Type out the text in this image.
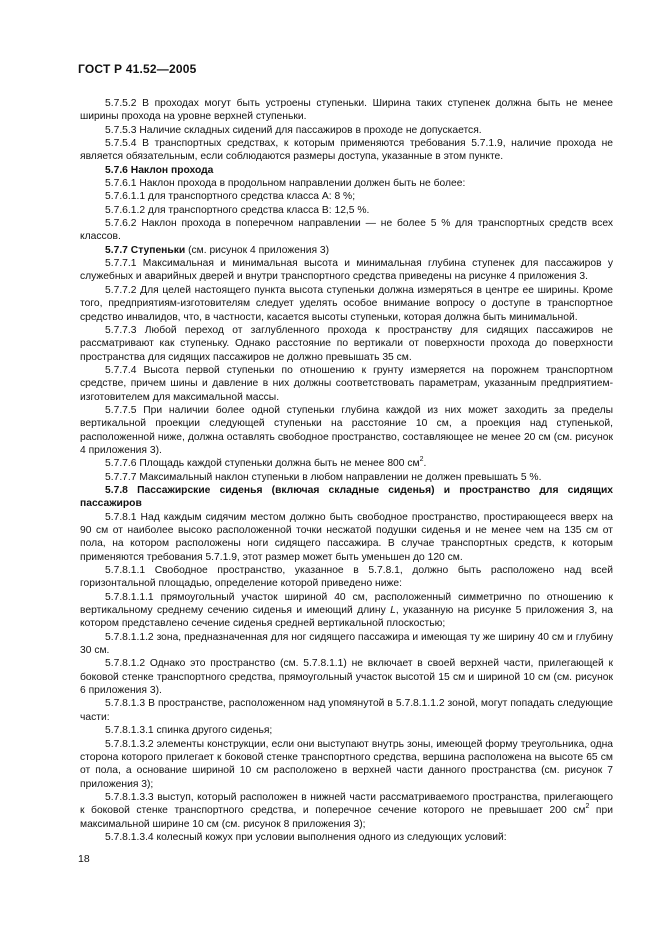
ГОСТ Р 41.52—2005

5.7.5.2 В проходах могут быть устроены ступеньки. Ширина таких ступенек должна быть не менее ширины прохода на уровне верхней ступеньки.

5.7.5.3 Наличие складных сидений для пассажиров в проходе не допускается.

5.7.5.4 В транспортных средствах, к которым применяются требования 5.7.1.9, наличие прохода не является обязательным, если соблюдаются размеры доступа, указанные в этом пункте.

5.7.6 Наклон прохода

5.7.6.1 Наклон прохода в продольном направлении должен быть не более:

5.7.6.1.1 для транспортного средства класса А: 8 %;

5.7.6.1.2 для транспортного средства класса В: 12,5 %.

5.7.6.2 Наклон прохода в поперечном направлении — не более 5 % для транспортных средств всех классов.

5.7.7 Ступеньки (см. рисунок 4 приложения 3)

5.7.7.1 Максимальная и минимальная высота и минимальная глубина ступенек для пассажиров у служебных и аварийных дверей и внутри транспортного средства приведены на рисунке 4 приложения 3.

5.7.7.2 Для целей настоящего пункта высота ступеньки должна измеряться в центре ее ширины. Кроме того, предприятиям-изготовителям следует уделять особое внимание вопросу о доступе в транспортное средство инвалидов, что, в частности, касается высоты ступеньки, которая должна быть минимальной.

5.7.7.3 Любой переход от заглубленного прохода к пространству для сидящих пассажиров не рассматривают как ступеньку. Однако расстояние по вертикали от поверхности прохода до поверхности пространства для сидящих пассажиров не должно превышать 35 см.

5.7.7.4 Высота первой ступеньки по отношению к грунту измеряется на порожнем транспортном средстве, причем шины и давление в них должны соответствовать параметрам, указанным предприятием-изготовителем для максимальной массы.

5.7.7.5 При наличии более одной ступеньки глубина каждой из них может заходить за пределы вертикальной проекции следующей ступеньки на расстояние 10 см, а проекция над ступенькой, расположенной ниже, должна оставлять свободное пространство, составляющее не менее 20 см (см. рисунок 4 приложения 3).

5.7.7.6 Площадь каждой ступеньки должна быть не менее 800 $см^2$.

5.7.7.7 Максимальный наклон ступеньки в любом направлении не должен превышать 5 %.

5.7.8 Пассажирские сиденья (включая складные сиденья) и пространство для сидящих пассажиров

5.7.8.1 Над каждым сидячим местом должно быть свободное пространство, простирающееся вверх на 90 см от наиболее высоко расположенной точки несжатой подушки сиденья и не менее чем на 135 см от пола, на котором расположены ноги сидящего пассажира. В случае транспортных средств, к которым применяются требования 5.7.1.9, этот размер может быть уменьшен до 120 см.

5.7.8.1.1 Свободное пространство, указанное в 5.7.8.1, должно быть расположено над всей горизонтальной площадью, определение которой приведено ниже:

5.7.8.1.1.1 прямоугольный участок шириной 40 см, расположенный симметрично по отношению к вертикальному среднему сечению сиденья и имеющий длину L, указанную на рисунке 5 приложения 3, на котором представлено сечение сиденья средней вертикальной плоскостью;

5.7.8.1.1.2 зона, предназначенная для ног сидящего пассажира и имеющая ту же ширину 40 см и глубину 30 см.

5.7.8.1.2 Однако это пространство (см. 5.7.8.1.1) не включает в своей верхней части, прилегающей к боковой стенке транспортного средства, прямоугольный участок высотой 15 см и шириной 10 см (см. рисунок 6 приложения 3).

5.7.8.1.3 В пространстве, расположенном над упомянутой в 5.7.8.1.1.2 зоной, могут попадать следующие части:

5.7.8.1.3.1 спинка другого сиденья;

5.7.8.1.3.2 элементы конструкции, если они выступают внутрь зоны, имеющей форму треугольника, одна сторона которого прилегает к боковой стенке транспортного средства, вершина расположена на высоте 65 см от пола, а основание шириной 10 см расположено в верхней части данного пространства (см. рисунок 7 приложения 3);

5.7.8.1.3.3 выступ, который расположен в нижней части рассматриваемого пространства, прилегающего к боковой стенке транспортного средства, и поперечное сечение которого не превышает 200 $см^2$ при максимальной ширине 10 см (см. рисунок 8 приложения 3);

5.7.8.1.3.4 колесный кожух при условии выполнения одного из следующих условий:

18
